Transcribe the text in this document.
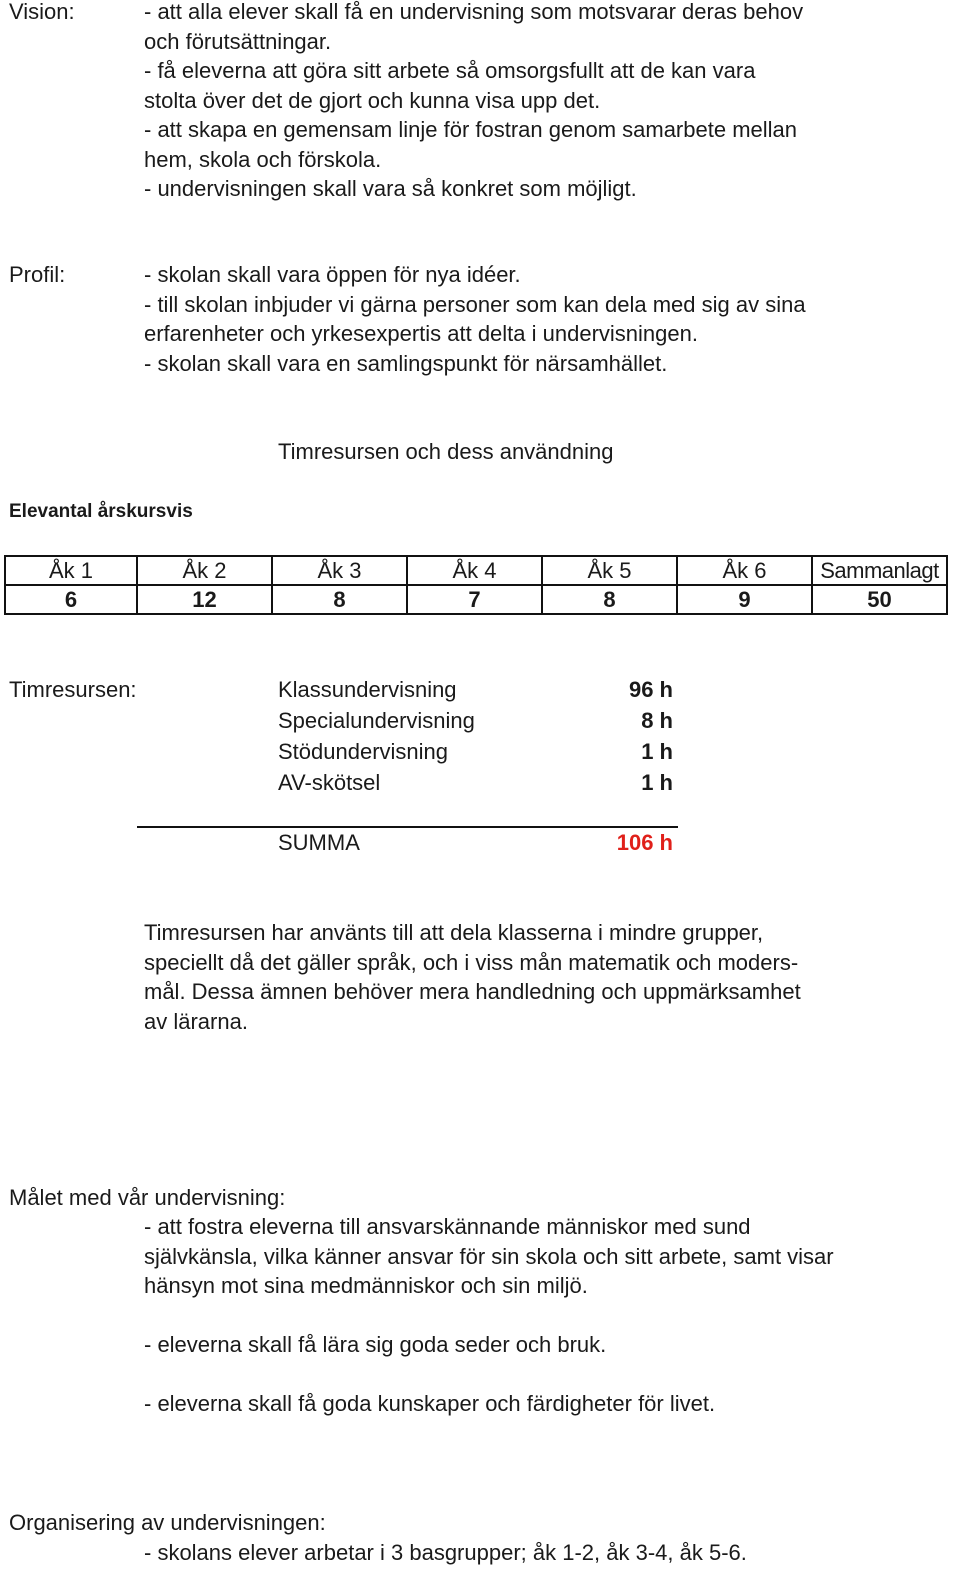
Vision:	- att alla elever skall få en undervisning som motsvarar deras behov
och förutsättningar.
- få eleverna att göra sitt arbete så omsorgsfullt att de kan vara
stolta över det de gjort och kunna visa upp det.
- att skapa en gemensam linje för fostran genom samarbete mellan
hem, skola och förskola.
- undervisningen skall vara så konkret som möjligt.
Profil:	- skolan skall vara öppen för nya idéer.
- till skolan inbjuder vi gärna personer som kan dela med sig av sina
erfarenheter och yrkesexpertis att delta i undervisningen.
- skolan skall vara en samlingspunkt för närsamhället.
Timresursen och dess användning
Elevantal årskursvis
Åk 1	Åk 2	Åk 3	Åk 4	Åk 5	Åk 6	Sammanlagt
6	12	8	7	8	9	50
Timresursen:	Klassundervisning	96 h
Specialundervisning	8 h
Stödundervisning	1 h
AV-skötsel	1 h
SUMMA	106 h
Timresursen har använts till att dela klasserna i mindre grupper,
speciellt då det gäller språk, och i viss mån matematik och moders-
mål. Dessa ämnen behöver mera handledning och uppmärksamhet
av lärarna.
Målet med vår undervisning:
- att fostra eleverna till ansvarskännande människor med sund
självkänsla, vilka känner ansvar för sin skola och sitt arbete, samt visar
hänsyn mot sina medmänniskor och sin miljö.
- eleverna skall få lära sig goda seder och bruk.
- eleverna skall få goda kunskaper och färdigheter för livet.
Organisering av undervisningen:
- skolans elever arbetar i 3 basgrupper; åk 1-2, åk 3-4, åk 5-6.
